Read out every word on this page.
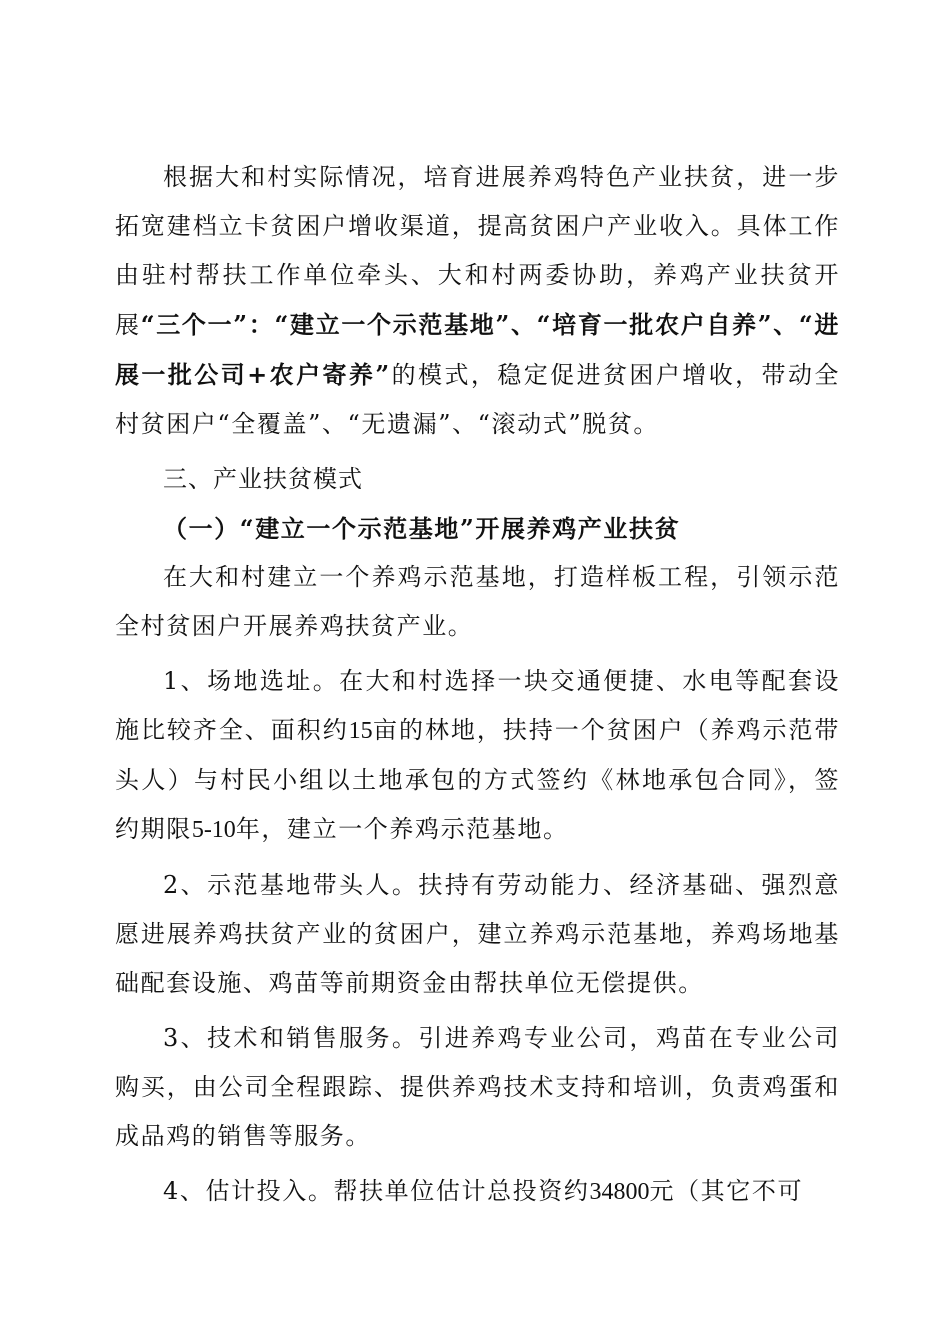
根据大和村实际情况，培育进展养鸡特色产业扶贫，进一步拓宽建档立卡贫困户增收渠道，提高贫困户产业收入。具体工作由驻村帮扶工作单位牵头、大和村两委协助，养鸡产业扶贫开展“三个一”：“建立一个示范基地”、“培育一批农户自养”、“进展一批公司+农户寄养”的模式，稳定促进贫困户增收，带动全村贫困户“全覆盖”、“无遗漏”、“滚动式”脱贫。

三、产业扶贫模式

（一）“建立一个示范基地”开展养鸡产业扶贫

在大和村建立一个养鸡示范基地，打造样板工程，引领示范全村贫困户开展养鸡扶贫产业。

1、场地选址。在大和村选择一块交通便捷、水电等配套设施比较齐全、面积约15亩的林地，扶持一个贫困户（养鸡示范带头人）与村民小组以土地承包的方式签约《林地承包合同》，签约期限5-10年，建立一个养鸡示范基地。

2、示范基地带头人。扶持有劳动能力、经济基础、强烈意愿进展养鸡扶贫产业的贫困户，建立养鸡示范基地，养鸡场地基础配套设施、鸡苗等前期资金由帮扶单位无偿提供。

3、技术和销售服务。引进养鸡专业公司，鸡苗在专业公司购买，由公司全程跟踪、提供养鸡技术支持和培训，负责鸡蛋和成品鸡的销售等服务。

4、估计投入。帮扶单位估计总投资约34800元（其它不可
